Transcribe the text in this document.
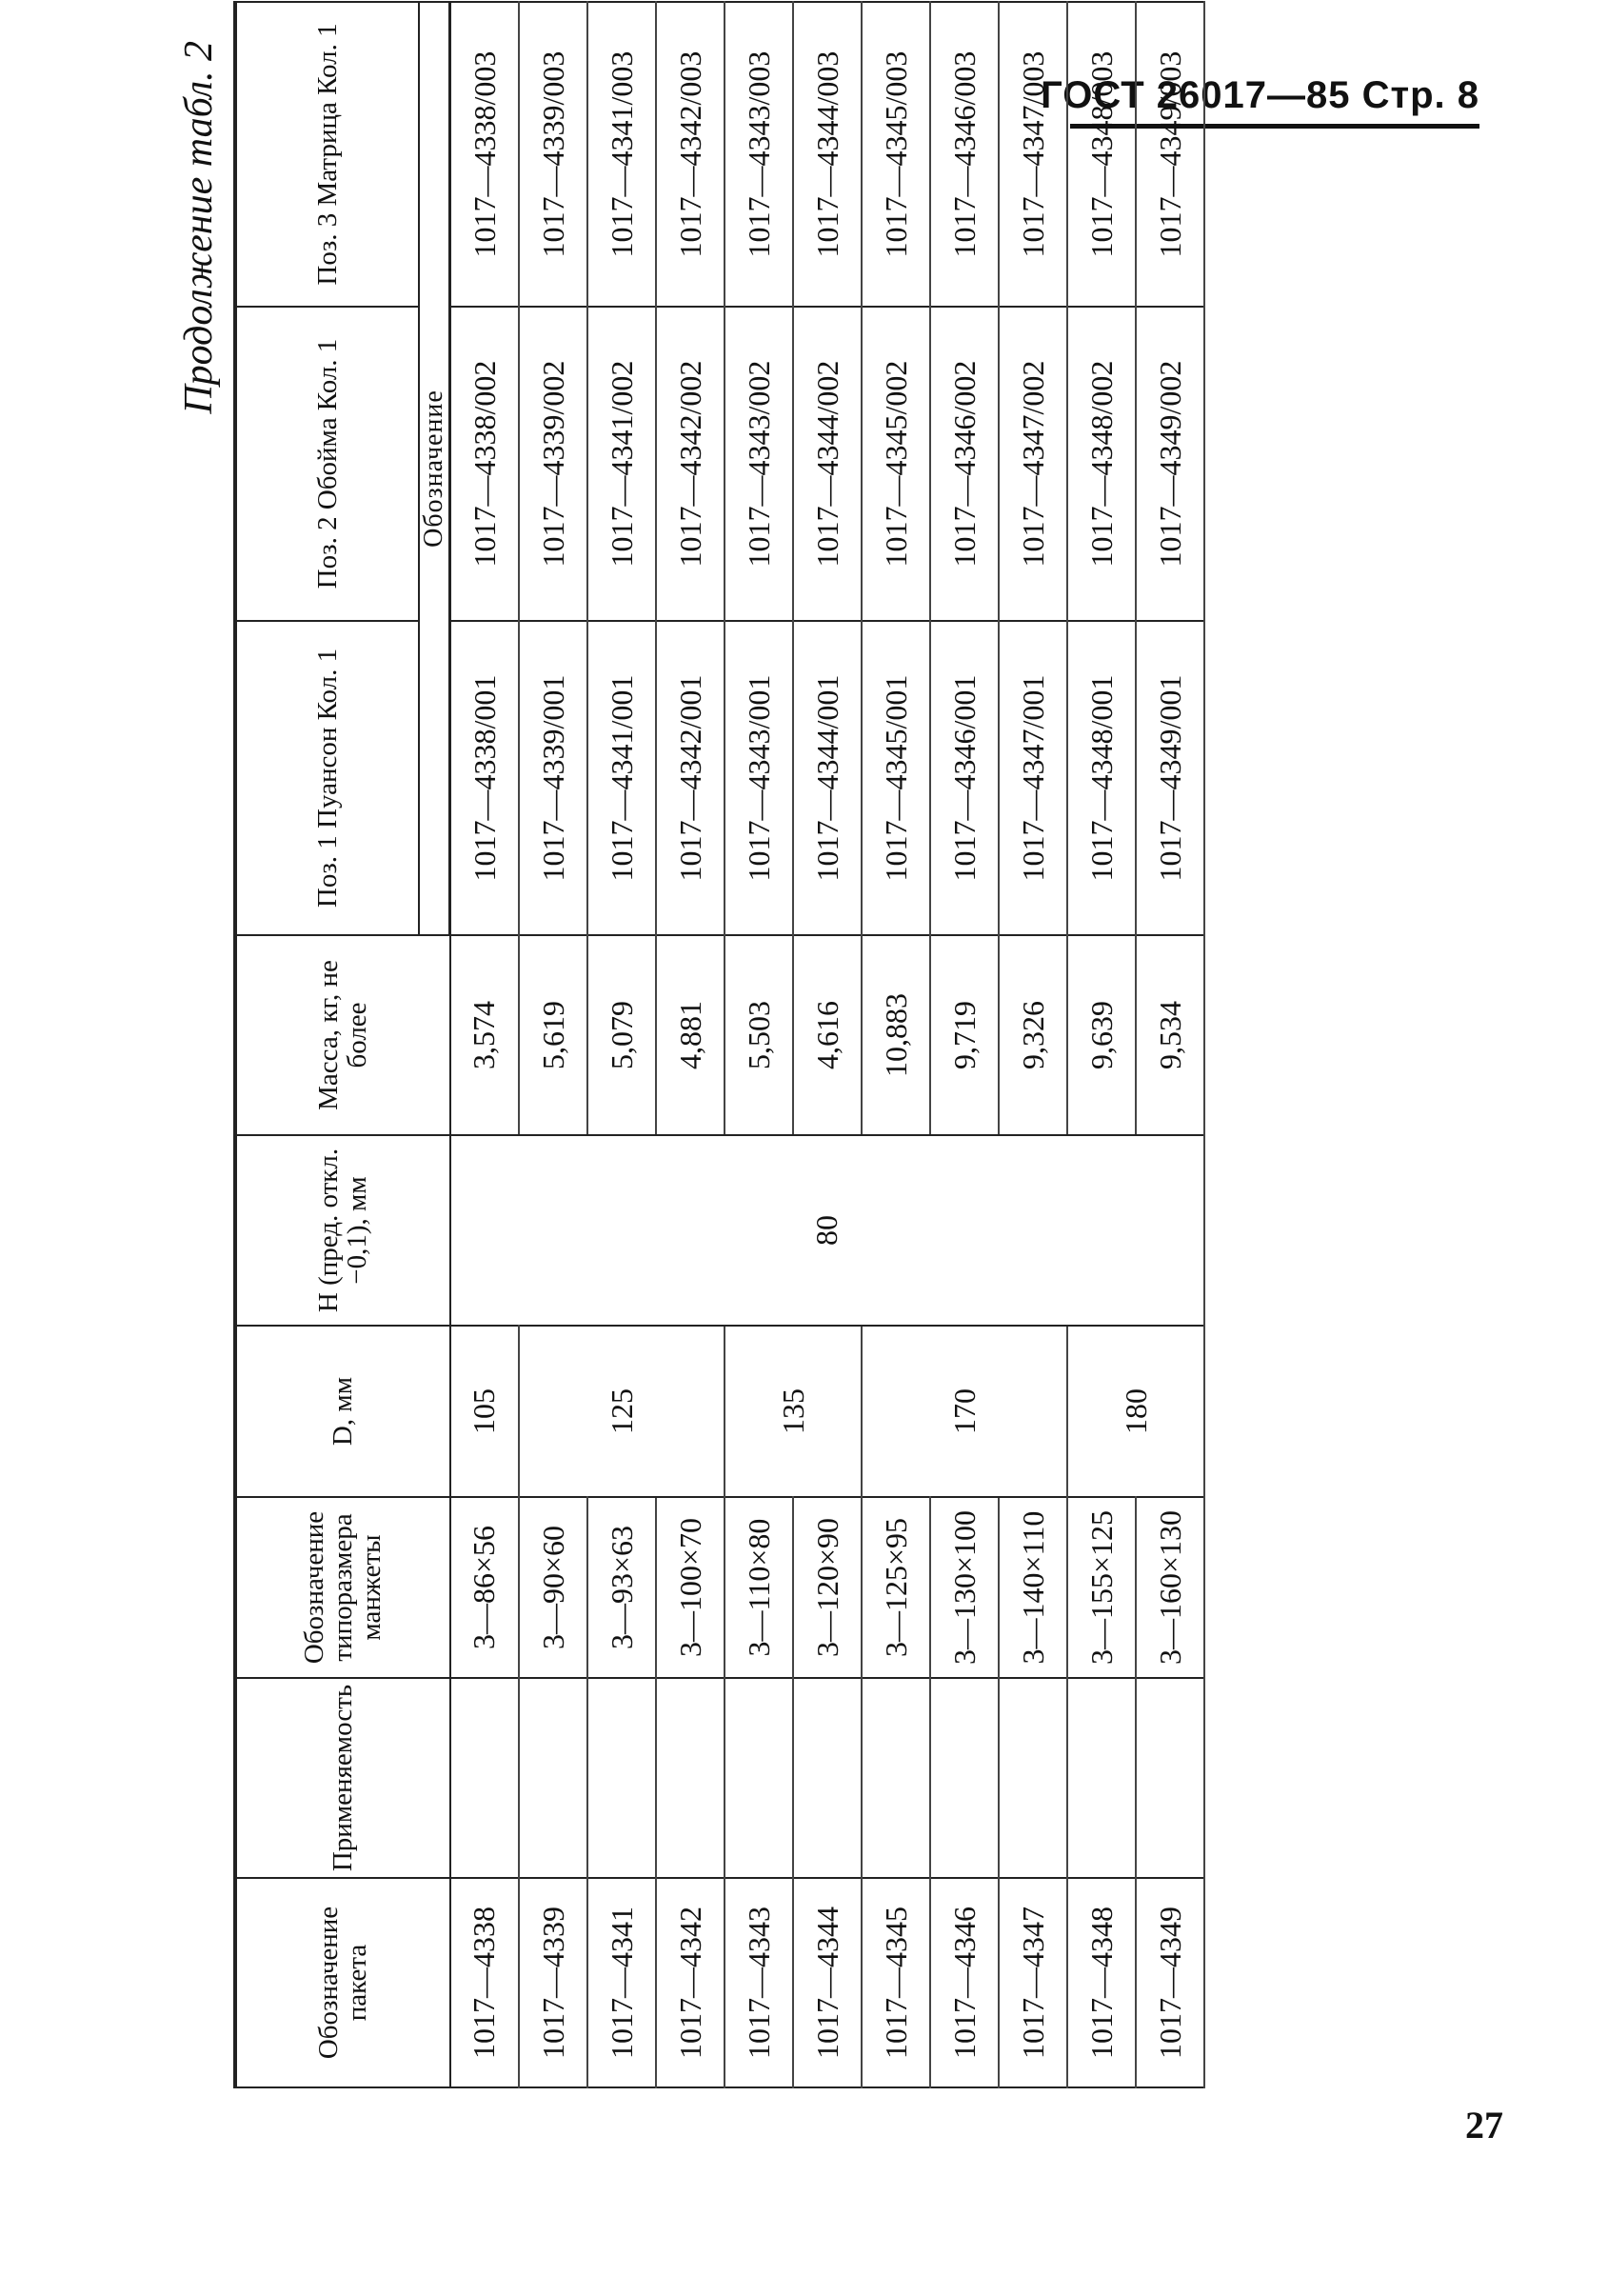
ГОСТ 26017—85 Стр. 8
Продолжение табл. 2
Обозначение пакета	Применяемость	Обозначение типоразмера манжеты	D, мм	H (пред. откл. −0,1), мм	Масса, кг, не более	Поз. 1 Пуансон Кол. 1	Поз. 2 Обойма Кол. 1	Поз. 3 Матрица Кол. 1
						Обозначение		
1017—4338		3—86×56	105	80	3,574	1017—4338/001	1017—4338/002	1017—4338/003
1017—4339		3—90×60	125		5,619	1017—4339/001	1017—4339/002	1017—4339/003
1017—4341		3—93×63			5,079	1017—4341/001	1017—4341/002	1017—4341/003
1017—4342		3—100×70			4,881	1017—4342/001	1017—4342/002	1017—4342/003
1017—4343		3—110×80	135		5,503	1017—4343/001	1017—4343/002	1017—4343/003
1017—4344		3—120×90			4,616	1017—4344/001	1017—4344/002	1017—4344/003
1017—4345		3—125×95	170		10,883	1017—4345/001	1017—4345/002	1017—4345/003
1017—4346		3—130×100			9,719	1017—4346/001	1017—4346/002	1017—4346/003
1017—4347		3—140×110			9,326	1017—4347/001	1017—4347/002	1017—4347/003
1017—4348		3—155×125	180		9,639	1017—4348/001	1017—4348/002	1017—4348/003
1017—4349		3—160×130			9,534	1017—4349/001	1017—4349/002	1017—4349/003
27
